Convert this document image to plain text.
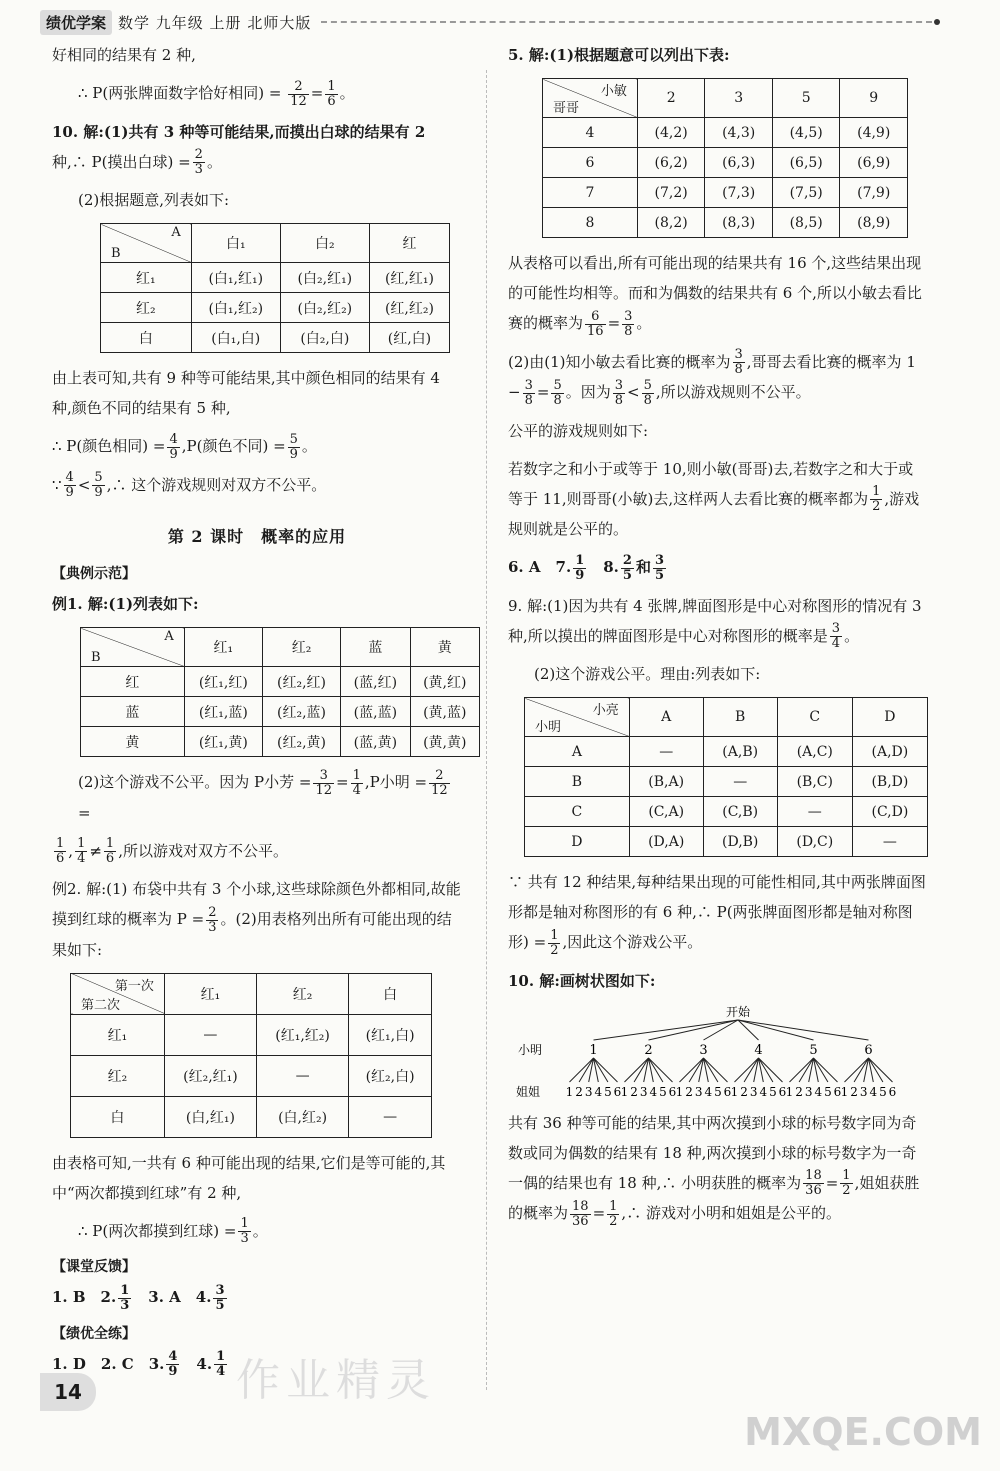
绩优学案 数学 九年级 上册 北师大版

好相同的结果有 2 种,

∴ P(两张牌面数字恰好相同) = $\frac{2}{12} = \frac{1}{6}$ 。

10. 解:(1)共有 3 种等可能结果,而摸出白球的结果有 2
种,∴ P(摸出白球) = $\frac{2}{3}$ 。

(2)根据题意,列表如下:

A
B	白₁	白₂	红
红₁	(白₁,红₁)	(白₂,红₁)	(红,红₁)
红₂	(白₁,红₂)	(白₂,红₂)	(红,红₂)
白	(白₁,白)	(白₂,白)	(红,白)

由上表可知,共有 9 种等可能结果,其中颜色相同的结果有 4 种,颜色不同的结果有 5 种,

∴ P(颜色相同) = $\frac{4}{9} ,P$(颜色不同) = $\frac{5}{9}$ 。

∵ $\frac{4}{9} < \frac{5}{9}$ ,∴ 这个游戏规则对双方不公平。

第 2 课时　概率的应用
【典例示范】

例1. 解:(1)列表如下:

A
B	红₁	红₂	蓝	黄
红	(红₁,红)	(红₂,红)	(蓝,红)	(黄,红)
蓝	(红₁,蓝)	(红₂,蓝)	(蓝,蓝)	(黄,蓝)
黄	(红₁,黄)	(红₂,黄)	(蓝,黄)	(黄,黄)

(2)这个游戏不公平。因为 P小芳 = $\frac{3}{12} = \frac{1}{4} ,P$小明 = $\frac{2}{12}$
=

$\frac{1}{6}$ , $\frac{1}{4} \ne \frac{1}{6}$ ,所以游戏对双方不公平。

例2. 解:(1) 布袋中共有 3 个小球,这些球除颜色外都相同,故能摸到红球的概率为 $P = \frac{2}{3}$ 。(2)用表格列出所有可能出现的结果如下:

第一次
第二次	红₁	红₂	白
红₁	—	(红₁,红₂)	(红₁,白)
红₂	(红₂,红₁)	—	(红₂,白)
白	(白,红₁)	(白,红₂)	—

由表格可知,一共有 6 种可能出现的结果,它们是等可能的,其中“两次都摸到红球”有 2 种,

∴ P(两次都摸到红球) = $\frac{1}{3}$ 。

【课堂反馈】

1. B　2. $\frac{1}{3}$ 　3. A　4. $\frac{3}{5}$

【绩优全练】

1. D　2. C　3. $\frac{4}{9}$ 　4. $\frac{1}{4}$

5. 解:(1)根据题意可以列出下表:

小敏
哥哥	2	3	5	9
4	(4,2)	(4,3)	(4,5)	(4,9)
6	(6,2)	(6,3)	(6,5)	(6,9)
7	(7,2)	(7,3)	(7,5)	(7,9)
8	(8,2)	(8,3)	(8,5)	(8,9)

从表格可以看出,所有可能出现的结果共有 16 个,这些结果出现的可能性均相等。而和为偶数的结果共有 6 个,所以小敏去看比赛的概率为 $\frac{6}{16} = \frac{3}{8}$ 。

(2)由(1)知小敏去看比赛的概率为 $\frac{3}{8}$ ,哥哥去看比赛的概率为 $1 - \frac{3}{8} = \frac{5}{8}$ 。因为 $\frac{3}{8} < \frac{5}{8}$ ,所以游戏规则不公平。

公平的游戏规则如下:

若数字之和小于或等于 10,则小敏(哥哥)去,若数字之和大于或等于 11,则哥哥(小敏)去,这样两人去看比赛的概率都为 $\frac{1}{2}$ ,游戏规则就是公平的。

6. A　7. $\frac{1}{9}$ 　8. $\frac{2}{5}$ 和 $\frac{3}{5}$

9. 解:(1)因为共有 4 张牌,牌面图形是中心对称图形的情况有 3 种,所以摸出的牌面图形是中心对称图形的概率是 $\frac{3}{4}$ 。

(2)这个游戏公平。理由:列表如下:

小亮
小明	A	B	C	D
A	—	(A,B)	(A,C)	(A,D)
B	(B,A)	—	(B,C)	(B,D)
C	(C,A)	(C,B)	—	(C,D)
D	(D,A)	(D,B)	(D,C)	—

∵ 共有 12 种结果,每种结果出现的可能性相同,其中两张牌面图形都是轴对称图形的有 6 种,∴ P(两张牌面图形都是轴对称图形) = $\frac{1}{2}$ ,因此这个游戏公平。

10. 解:画树状图如下:

开始
小明
姐姐
1
1 2 3 4 5 6
2
1 2 3 4 5 6
3
1 2 3 4 5 6
4
1 2 3 4 5 6
5
1 2 3 4 5 6
6
1 2 3 4 5 6

共有 36 种等可能的结果,其中两次摸到小球的标号数字同为奇数或同为偶数的结果有 18 种,两次摸到小球的标号数字为一奇一偶的结果也有 18 种,∴ 小明获胜的概率为 $\frac{18}{36} = \frac{1}{2}$ ,姐姐获胜的概率为 $\frac{18}{36} = \frac{1}{2}$ ,∴ 游戏对小明和姐姐是公平的。

作业精灵
MXQE.COM
14
